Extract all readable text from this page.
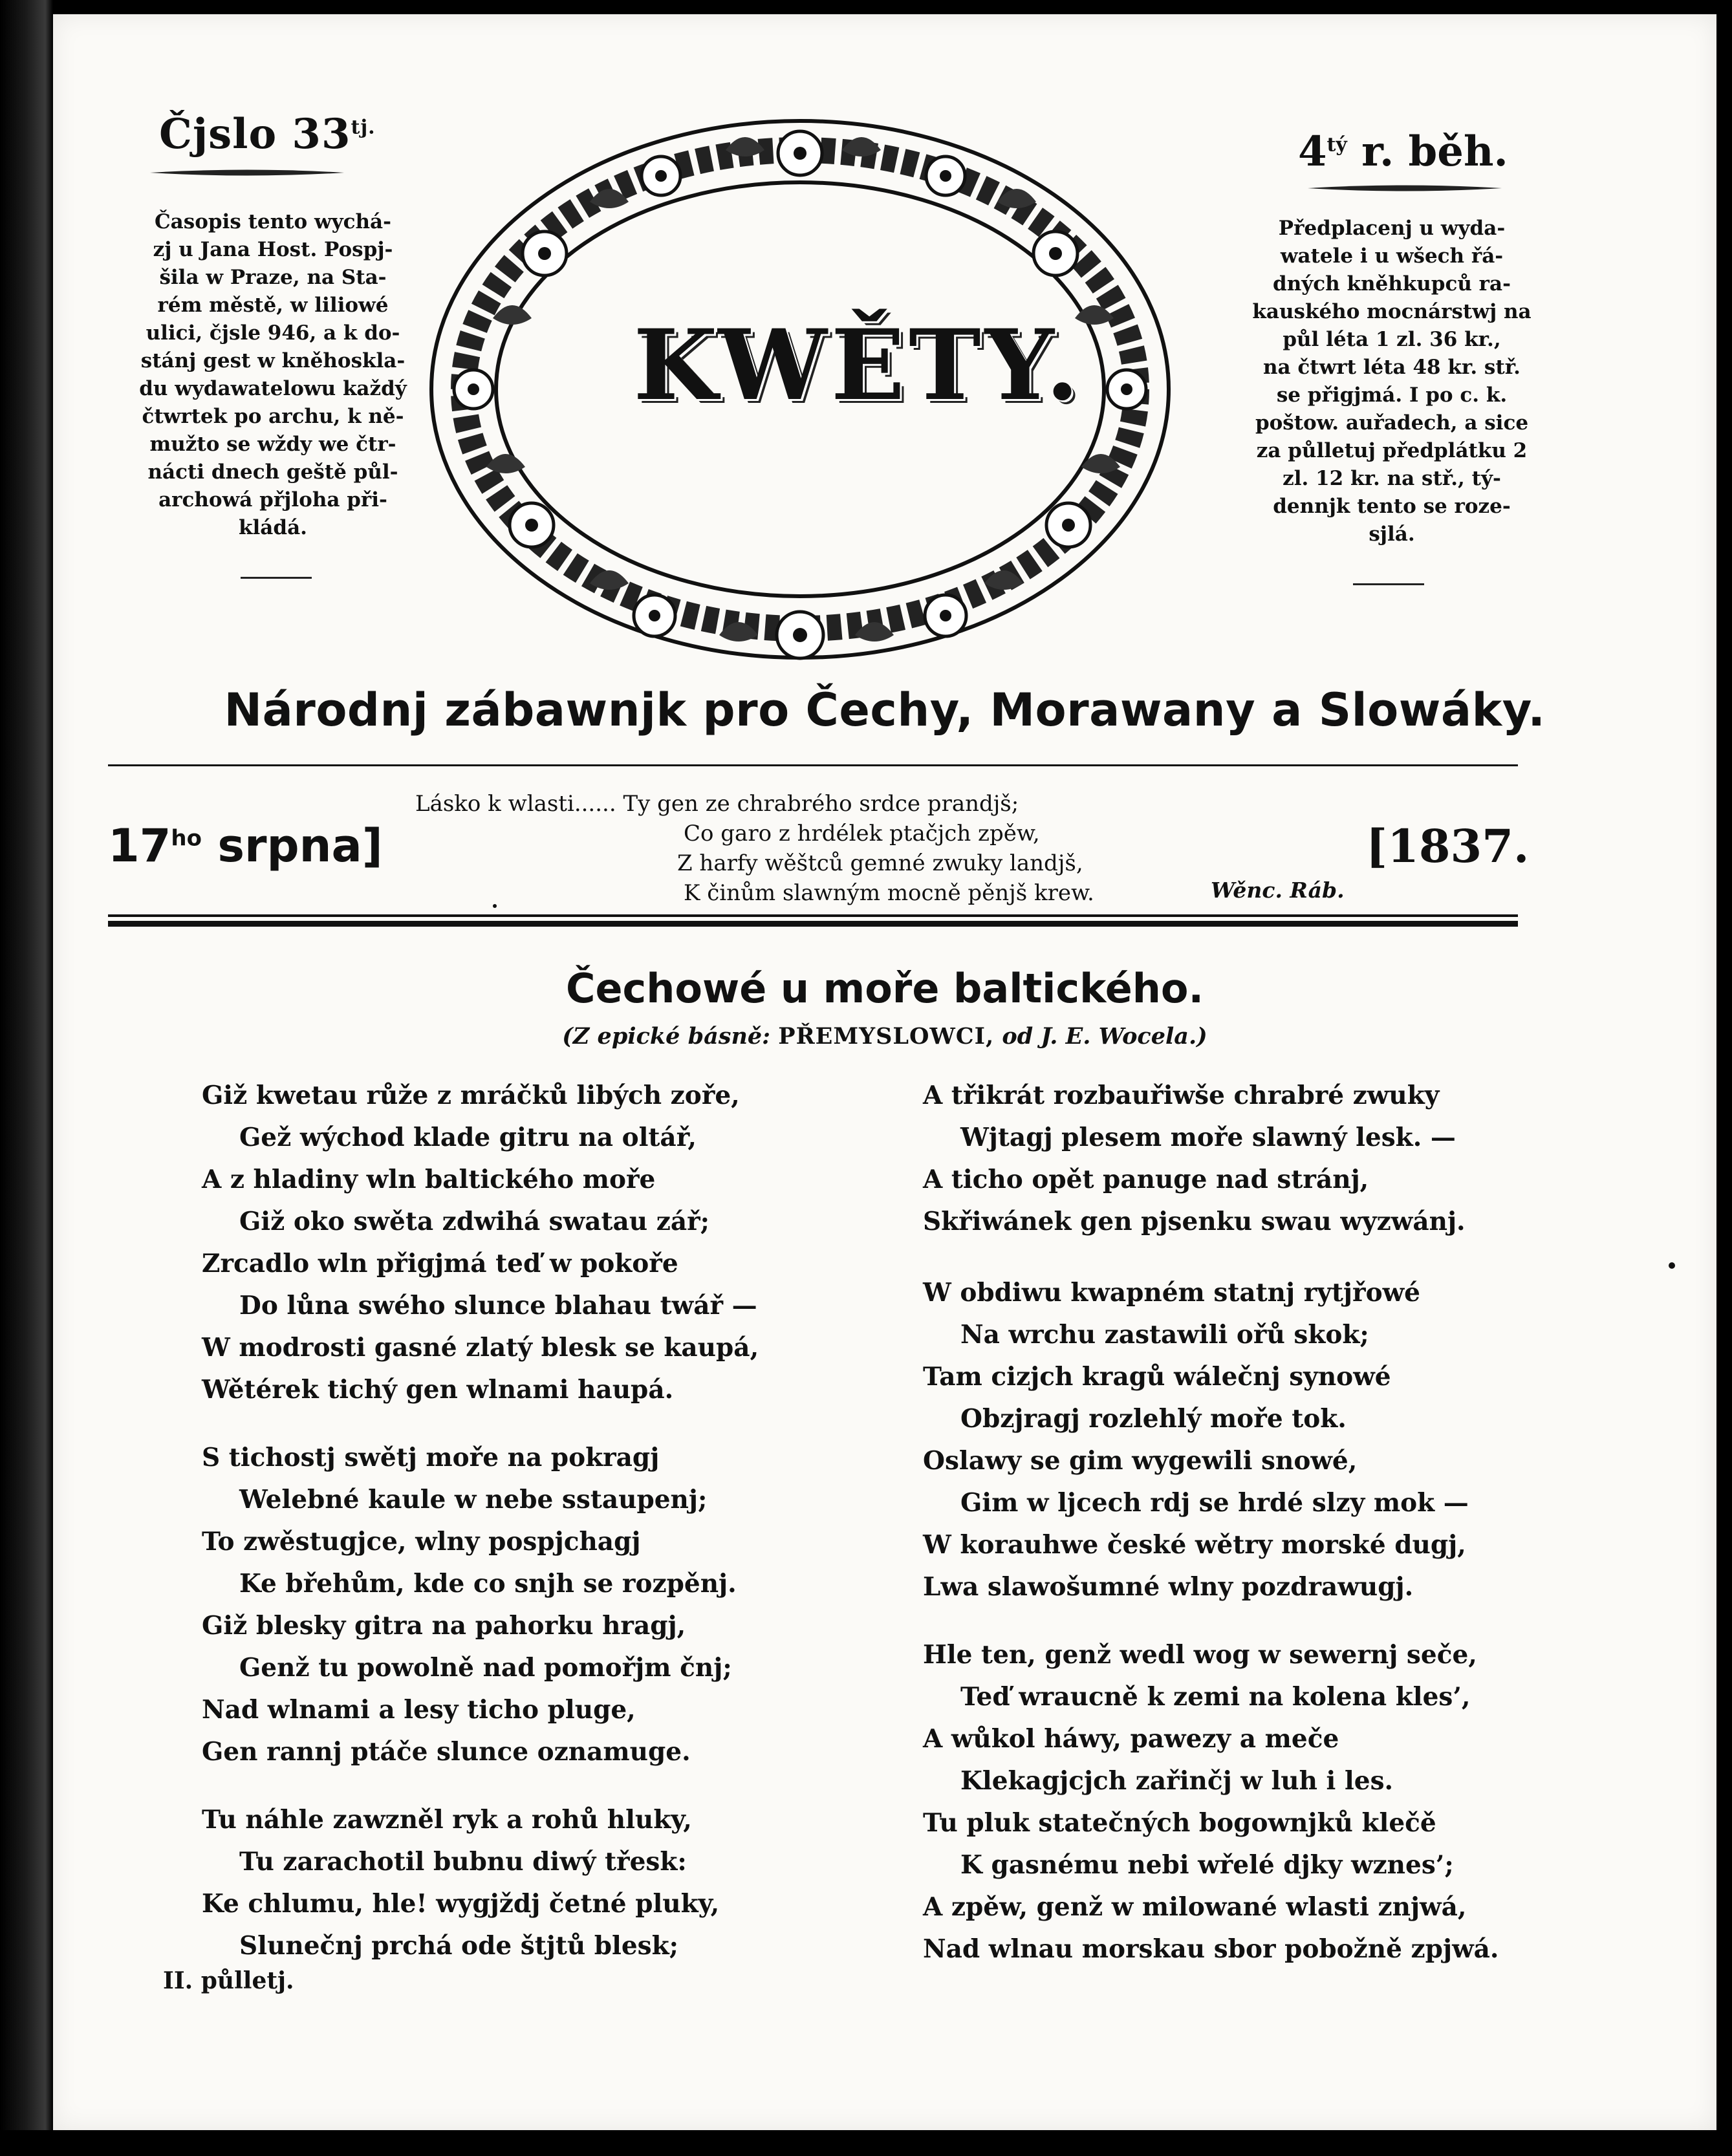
Čjslo $33^{tj.}$	$4^{tý}$ r. běh.
Časopis tento wychá-
zj u Jana Host. Pospj-
šila w Praze, na Sta-
rém městě, w liliowé
ulici, čjsle 946, a k do-
stánj gest w kněhoskla-
du wydawatelowu každý
čtwrtek po archu, k ně-
mužto se wždy we čtr-
nácti dnech geště půl-
archowá přjloha při-
kládá.
Předplacenj u wyda-
watele i u wšech řá-
dných kněhkupců ra-
kauského mocnárstwj na
půl léta 1 zl. 36 kr.,
na čtwrt léta 48 kr. stř.
se přigjmá. I po c. k.
poštow. auřadech, a sice
za půlletuj předplátku 2
zl. 12 kr. na stř., tý-
dennjk tento se roze-
sjlá.
KWĚTY.
Národnj zábawnjk pro Čechy, Morawany a Slowáky.
$17^{ho}$ srpna]
Lásko k wlasti...... Ty gen ze chrabrého srdce prandjš;
Co garo z hrdélek ptačjch zpěw,
Z harfy wěštců gemné zwuky landjš,
K činům slawným mocně pěnjš krew.	Wěnc. Ráb.
[1837.
Čechowé u moře baltického.
(Z epické básně: PŘEMYSLOWCI, od J. E. Wocela.)
Giž kwetau růže z mráčků libých zoře,
Gež wýchod klade gitru na oltář,
A z hladiny wln baltického moře
Giž oko swěta zdwihá swatau zář;
Zrcadlo wln přigjmá teď w pokoře
Do lůna swého slunce blahau twář —
W modrosti gasné zlatý blesk se kaupá,
Wětérek tichý gen wlnami haupá.
S tichostj swětj moře na pokragj
Welebné kaule w nebe sstaupenj;
To zwěstugjce, wlny pospjchagj
Ke břehům, kde co snjh se rozpěnj.
Giž blesky gitra na pahorku hragj,
Genž tu powolně nad pomořjm čnj;
Nad wlnami a lesy ticho pluge,
Gen rannj ptáče slunce oznamuge.
Tu náhle zawzněl ryk a rohů hluky,
Tu zarachotil bubnu diwý třesk:
Ke chlumu, hle! wygjždj četné pluky,
Slunečnj prchá ode štjtů blesk;
A třikrát rozbauřiwše chrabré zwuky
Wjtagj plesem moře slawný lesk. —
A ticho opět panuge nad stránj,
Skřiwánek gen pjsenku swau wyzwánj.
W obdiwu kwapném statnj rytjřowé
Na wrchu zastawili ořů skok;
Tam cizjch kragů wálečnj synowé
Obzjragj rozlehlý moře tok.
Oslawy se gim wygewili snowé,
Gim w ljcech rdj se hrdé slzy mok —
W korauhwe české wětry morské dugj,
Lwa slawošumné wlny pozdrawugj.
Hle ten, genž wedl wog w sewernj seče,
Teď wraucně k zemi na kolena kles’,
A wůkol háwy, pawezy a meče
Klekagjcjch zařinčj w luh i les.
Tu pluk statečných bogownjků klečě
K gasnému nebi wřelé djky wznes’;
A zpěw, genž w milowané wlasti znjwá,
Nad wlnau morskau sbor pobožně zpjwá.
II. půlletj.
